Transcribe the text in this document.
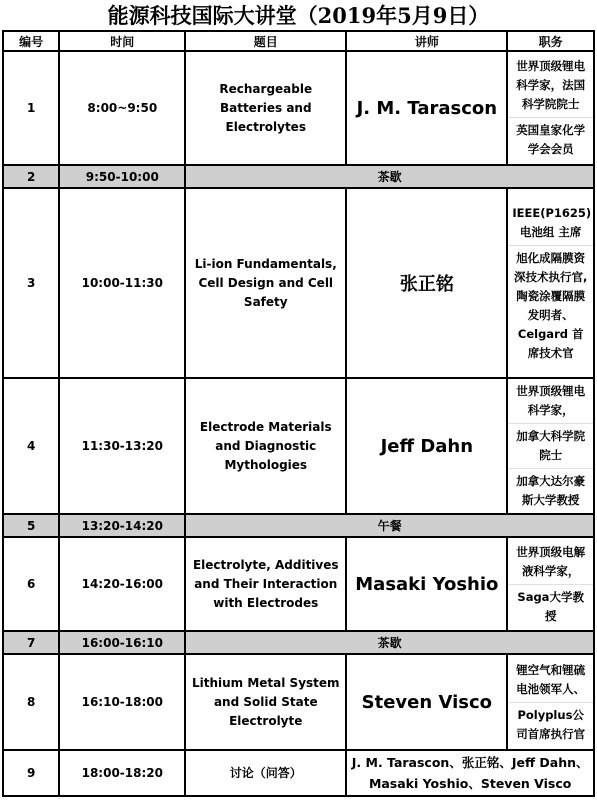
能源科技国际大讲堂（2019年5月9日）
编号	时间	题目	讲师	职务
1	8:00~9:50	Rechargeable Batteries and Electrolytes	J. M. Tarascon	世界顶级锂电科学家，法国科学院院士
英国皇家化学学会会员

2	9:50-10:00	茶歇		
3	10:00-11:30	Li-ion Fundamentals, Cell Design and Cell Safety	张正铭	IEEE(P1625)电池组 主席
旭化成隔膜资深技术执行官,陶瓷涂覆隔膜发明者、Celgard 首席技术官

4	11:30-13:20	Electrode Materials and Diagnostic Mythologies	Jeff Dahn	世界顶级锂电科学家，
加拿大科学院院士
加拿大达尔豪斯大学教授

5	13:20-14:20	午餐		
6	14:20-16:00	Electrolyte, Additives and Their Interaction with Electrodes	Masaki Yoshio	世界顶级电解液科学家，
Saga大学教授

7	16:00-16:10	茶歇		
8	16:10-18:00	Lithium Metal System and Solid State Electrolyte	Steven Visco	锂空气和锂硫电池领军人、
Polyplus公司首席执行官

9	18:00-18:20	讨论（问答）	J. M. Tarascon、张正铭、Jeff Dahn、Masaki Yoshio、Steven Visco	
